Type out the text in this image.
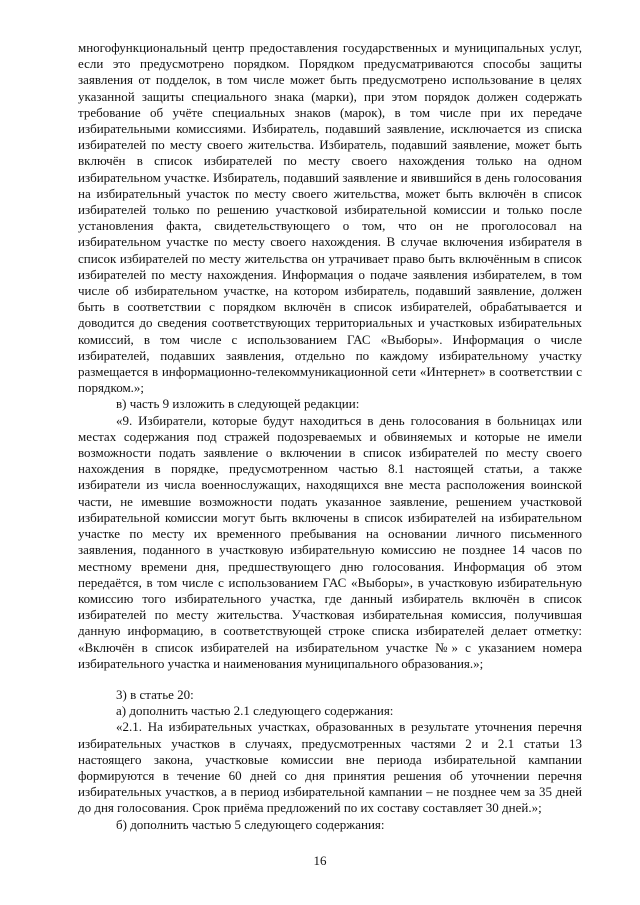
многофункциональный центр предоставления государственных и муниципальных услуг, если это предусмотрено порядком. Порядком предусматриваются способы защиты заявления от подделок, в том числе может быть предусмотрено использование в целях указанной защиты специального знака (марки), при этом порядок должен содержать требование об учёте специальных знаков (марок), в том числе при их передаче избирательными комиссиями. Избиратель, подавший заявление, исключается из списка избирателей по месту своего жительства. Избиратель, подавший заявление, может быть включён в список избирателей по месту своего нахождения только на одном избирательном участке. Избиратель, подавший заявление и явившийся в день голосования на избирательный участок по месту своего жительства, может быть включён в список избирателей только по решению участковой избирательной комиссии и только после установления факта, свидетельствующего о том, что он не проголосовал на избирательном участке по месту своего нахождения. В случае включения избирателя в список избирателей по месту жительства он утрачивает право быть включённым в список избирателей по месту нахождения. Информация о подаче заявления избирателем, в том числе об избирательном участке, на котором избиратель, подавший заявление, должен быть в соответствии с порядком включён в список избирателей, обрабатывается и доводится до сведения соответствующих территориальных и участковых избирательных комиссий, в том числе с использованием ГАС «Выборы». Информация о числе избирателей, подавших заявления, отдельно по каждому избирательному участку размещается в информационно-телекоммуникационной сети «Интернет» в соответствии с порядком.»;

в) часть 9 изложить в следующей редакции:

«9. Избиратели, которые будут находиться в день голосования в больницах или местах содержания под стражей подозреваемых и обвиняемых и которые не имели возможности подать заявление о включении в список избирателей по месту своего нахождения в порядке, предусмотренном частью 8.1 настоящей статьи, а также избиратели из числа военнослужащих, находящихся вне места расположения воинской части, не имевшие возможности подать указанное заявление, решением участковой избирательной комиссии могут быть включены в список избирателей на избирательном участке по месту их временного пребывания на основании личного письменного заявления, поданного в участковую избирательную комиссию не позднее 14 часов по местному времени дня, предшествующего дню голосования. Информация об этом передаётся, в том числе с использованием ГАС «Выборы», в участковую избирательную комиссию того избирательного участка, где данный избиратель включён в список избирателей по месту жительства. Участковая избирательная комиссия, получившая данную информацию, в соответствующей строке списка избирателей делает отметку: «Включён в список избирателей на избирательном участке №» с указанием номера избирательного участка и наименования муниципального образования.»;

3) в статье 20:

а) дополнить частью 2.1 следующего содержания:

«2.1. На избирательных участках, образованных в результате уточнения перечня избирательных участков в случаях, предусмотренных частями 2 и 2.1 статьи 13 настоящего закона, участковые комиссии вне периода избирательной кампании формируются в течение 60 дней со дня принятия решения об уточнении перечня избирательных участков, а в период избирательной кампании – не позднее чем за 35 дней до дня голосования. Срок приёма предложений по их составу составляет 30 дней.»;

б) дополнить частью 5 следующего содержания:

16
